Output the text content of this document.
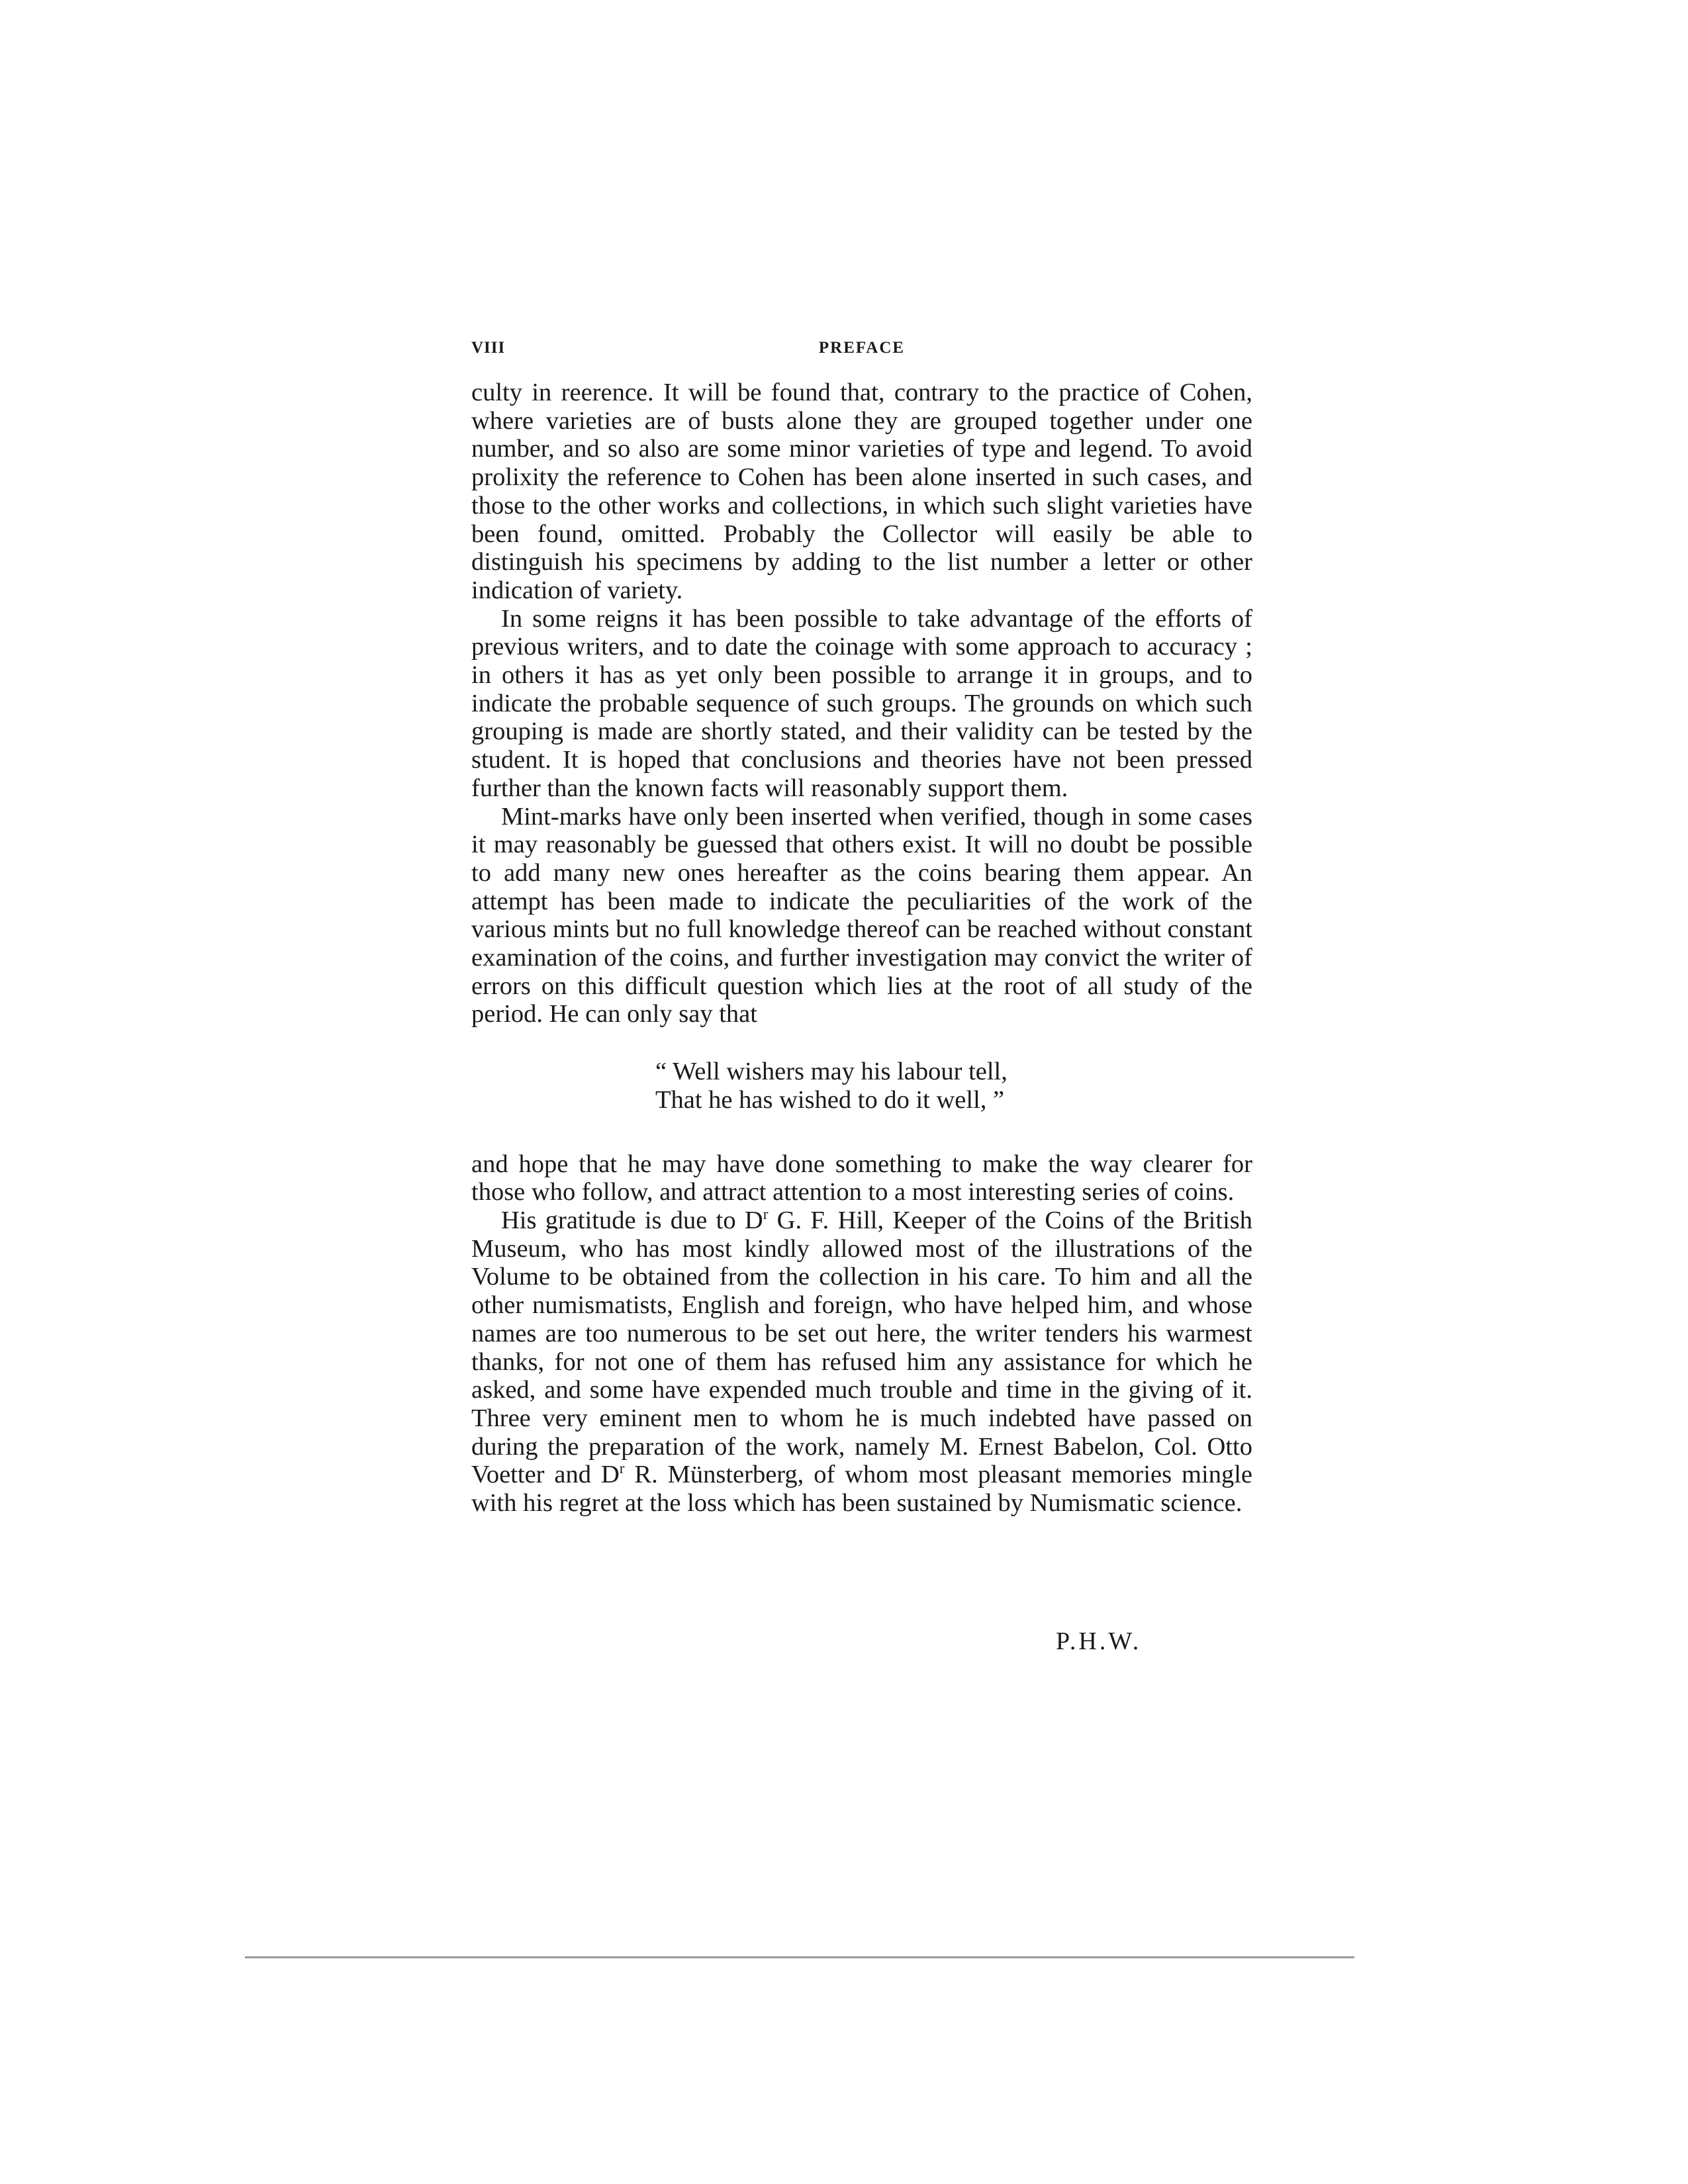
VIII	PREFACE

culty in reerence. It will be found that, contrary to the practice of Cohen, where varieties are of busts alone they are grouped together under one number, and so also are some minor varieties of type and legend. To avoid prolixity the reference to Cohen has been alone inserted in such cases, and those to the other works and collections, in which such slight varieties have been found, omitted. Probably the Collector will easily be able to distinguish his specimens by adding to the list number a letter or other indication of variety.

In some reigns it has been possible to take advantage of the efforts of previous writers, and to date the coinage with some approach to accuracy ; in others it has as yet only been possible to arrange it in groups, and to indicate the probable sequence of such groups. The grounds on which such grouping is made are shortly stated, and their validity can be tested by the student. It is hoped that conclusions and theories have not been pressed further than the known facts will reasonably support them.

Mint-marks have only been inserted when verified, though in some cases it may reasonably be guessed that others exist. It will no doubt be possible to add many new ones hereafter as the coins bearing them appear. An attempt has been made to indicate the peculiarities of the work of the various mints but no full knowledge thereof can be reached without constant examination of the coins, and further investigation may convict the writer of errors on this difficult question which lies at the root of all study of the period. He can only say that

“ Well wishers may his labour tell,
That he has wished to do it well, ”

and hope that he may have done something to make the way clearer for those who follow, and attract attention to a most interesting series of coins.

His gratitude is due to $D^r$ G. F. Hill, Keeper of the Coins of the British Museum, who has most kindly allowed most of the illustrations of the Volume to be obtained from the collection in his care. To him and all the other numismatists, English and foreign, who have helped him, and whose names are too numerous to be set out here, the writer tenders his warmest thanks, for not one of them has refused him any assistance for which he asked, and some have expended much trouble and time in the giving of it. Three very eminent men to whom he is much indebted have passed on during the preparation of the work, namely M. Ernest Babelon, Col. Otto Voetter and $D^r$ R. Münsterberg, of whom most pleasant memories mingle with his regret at the loss which has been sustained by Numismatic science.

P.H.W.
